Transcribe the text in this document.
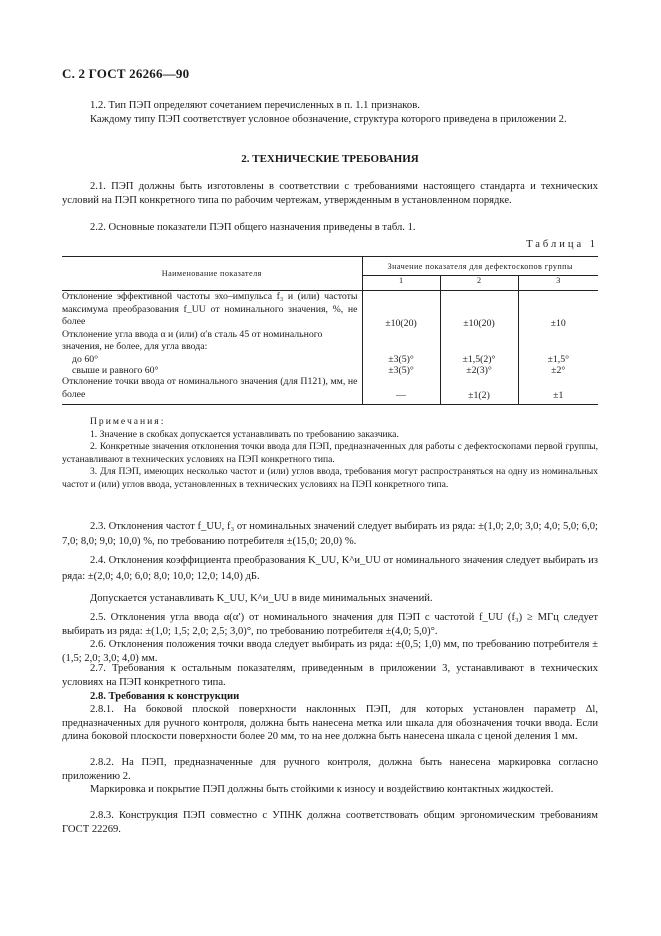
С. 2 ГОСТ 26266—90

1.2. Тип ПЭП определяют сочетанием перечисленных в п. 1.1 признаков.

Каждому типу ПЭП соответствует условное обозначение, структура которого приведена в приложении 2.

2. ТЕХНИЧЕСКИЕ ТРЕБОВАНИЯ

2.1. ПЭП должны быть изготовлены в соответствии с требованиями настоящего стандарта и технических условий на ПЭП конкретного типа по рабочим чертежам, утвержденным в установленном порядке.

2.2. Основные показатели ПЭП общего назначения приведены в табл. 1.

Таблица 1
Наименование показателя	Значение показателя для дефектоскопов группы		
	1	2	3
Отклонение эффективной частоты эхо–импульса f₃ и (или) частоты максимума преобразования f_UU от номинального значения, %, не более	±10(20)	±10(20)	±10
Отклонение угла ввода α и (или) α′в сталь 45 от номинального значения, не более, для угла ввода:			
до 60°	±3(5)°	±1,5(2)°	±1,5°
свыше и равного 60°	±3(5)°	±2(3)°	±2°
Отклонение точки ввода от номинального значения (для П121), мм, не более	—	±1(2)	±1

Примечания:

1. Значение в скобках допускается устанавливать по требованию заказчика.

2. Конкретные значения отклонения точки ввода для ПЭП, предназначенных для работы с дефектоскопами первой группы, устанавливают в технических условиях на ПЭП конкретного типа.

3. Для ПЭП, имеющих несколько частот и (или) углов ввода, требования могут распространяться на одну из номинальных частот и (или) углов ввода, установленных в технических условиях на ПЭП конкретного типа.

2.3. Отклонения частот f_UU, f₃ от номинальных значений следует выбирать из ряда: ±(1,0; 2,0; 3,0; 4,0; 5,0; 6,0; 7,0; 8,0; 9,0; 10,0) %, по требованию потребителя ±(15,0; 20,0) %.

2.4. Отклонения коэффициента преобразования K_UU, K^и_UU от номинального значения следует выбирать из ряда: ±(2,0; 4,0; 6,0; 8,0; 10,0; 12,0; 14,0) дБ.

Допускается устанавливать K_UU, K^и_UU в виде минимальных значений.

2.5. Отклонения угла ввода α(α′) от номинального значения для ПЭП с частотой f_UU (f₃) ≥ МГц следует выбирать из ряда: ±(1,0; 1,5; 2,0; 2,5; 3,0)°, по требованию потребителя ±(4,0; 5,0)°.

2.6. Отклонения положения точки ввода следует выбирать из ряда: ±(0,5; 1,0) мм, по требованию потребителя ±(1,5; 2,0; 3,0; 4,0) мм.

2.7. Требования к остальным показателям, приведенным в приложении 3, устанавливают в технических условиях на ПЭП конкретного типа.

2.8. Требования к конструкции

2.8.1. На боковой плоской поверхности наклонных ПЭП, для которых установлен параметр Δl, предназначенных для ручного контроля, должна быть нанесена метка или шкала для обозначения точки ввода. Если длина боковой плоскости поверхности более 20 мм, то на нее должна быть нанесена шкала с ценой деления 1 мм.

2.8.2. На ПЭП, предназначенные для ручного контроля, должна быть нанесена маркировка согласно приложению 2.

Маркировка и покрытие ПЭП должны быть стойкими к износу и воздействию контактных жидкостей.

2.8.3. Конструкция ПЭП совместно с УПНК должна соответствовать общим эргономическим требованиям ГОСТ 22269.
